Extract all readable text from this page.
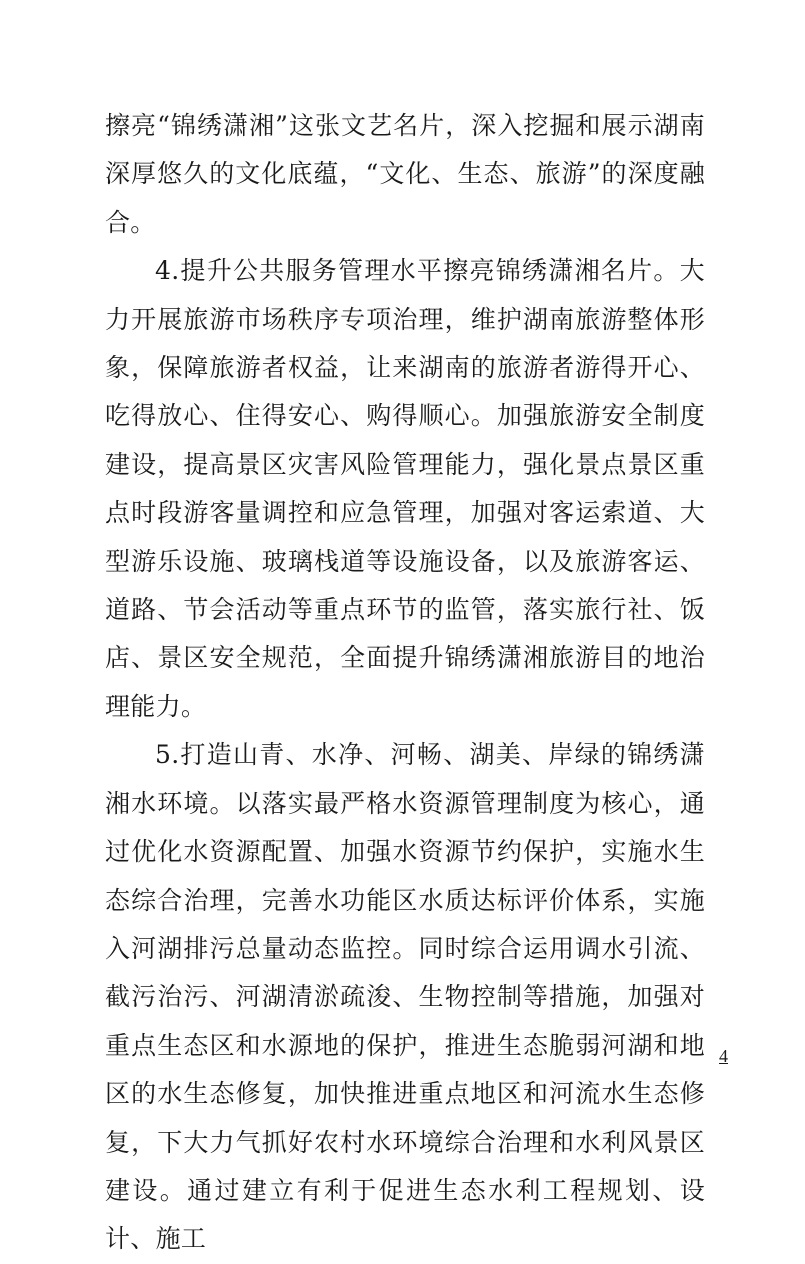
擦亮“锦绣潇湘”这张文艺名片，深入挖掘和展示湖南深厚悠久的文化底蕴，“文化、生态、旅游”的深度融合。

4.提升公共服务管理水平擦亮锦绣潇湘名片。大力开展旅游市场秩序专项治理，维护湖南旅游整体形象，保障旅游者权益，让来湖南的旅游者游得开心、吃得放心、住得安心、购得顺心。加强旅游安全制度建设，提高景区灾害风险管理能力，强化景点景区重点时段游客量调控和应急管理，加强对客运索道、大型游乐设施、玻璃栈道等设施设备，以及旅游客运、道路、节会活动等重点环节的监管，落实旅行社、饭店、景区安全规范，全面提升锦绣潇湘旅游目的地治理能力。

5.打造山青、水净、河畅、湖美、岸绿的锦绣潇湘水环境。以落实最严格水资源管理制度为核心，通过优化水资源配置、加强水资源节约保护，实施水生态综合治理，完善水功能区水质达标评价体系，实施入河湖排污总量动态监控。同时综合运用调水引流、截污治污、河湖清淤疏浚、生物控制等措施，加强对重点生态区和水源地的保护，推进生态脆弱河湖和地区的水生态修复，加快推进重点地区和河流水生态修复，下大力气抓好农村水环境综合治理和水利风景区建设。通过建立有利于促进生态水利工程规划、设计、施工

4
